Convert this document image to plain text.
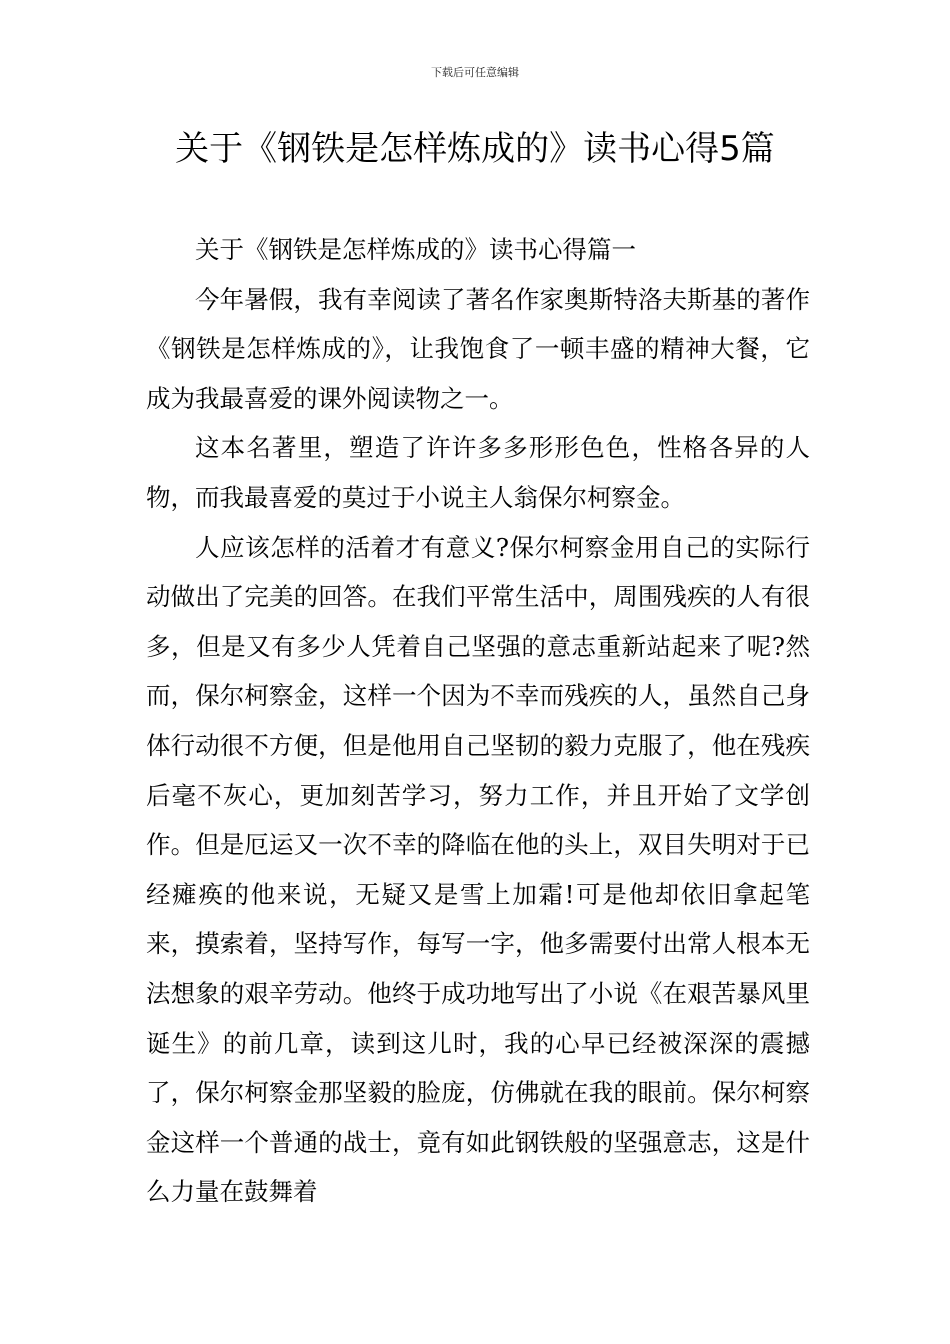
下载后可任意编辑
关于《钢铁是怎样炼成的》读书心得5篇

关于《钢铁是怎样炼成的》读书心得篇一

今年暑假，我有幸阅读了著名作家奥斯特洛夫斯基的著作《钢铁是怎样炼成的》，让我饱食了一顿丰盛的精神大餐，它成为我最喜爱的课外阅读物之一。

这本名著里，塑造了许许多多形形色色，性格各异的人物，而我最喜爱的莫过于小说主人翁保尔柯察金。

人应该怎样的活着才有意义?保尔柯察金用自己的实际行动做出了完美的回答。在我们平常生活中，周围残疾的人有很多，但是又有多少人凭着自己坚强的意志重新站起来了呢?然而，保尔柯察金，这样一个因为不幸而残疾的人，虽然自己身体行动很不方便，但是他用自己坚韧的毅力克服了，他在残疾后毫不灰心，更加刻苦学习，努力工作，并且开始了文学创作。但是厄运又一次不幸的降临在他的头上，双目失明对于已经瘫痪的他来说，无疑又是雪上加霜!可是他却依旧拿起笔来，摸索着，坚持写作，每写一字，他多需要付出常人根本无法想象的艰辛劳动。他终于成功地写出了小说《在艰苦暴风里诞生》的前几章，读到这儿时，我的心早已经被深深的震撼了，保尔柯察金那坚毅的脸庞，仿佛就在我的眼前。保尔柯察金这样一个普通的战士，竟有如此钢铁般的坚强意志，这是什么力量在鼓舞着
